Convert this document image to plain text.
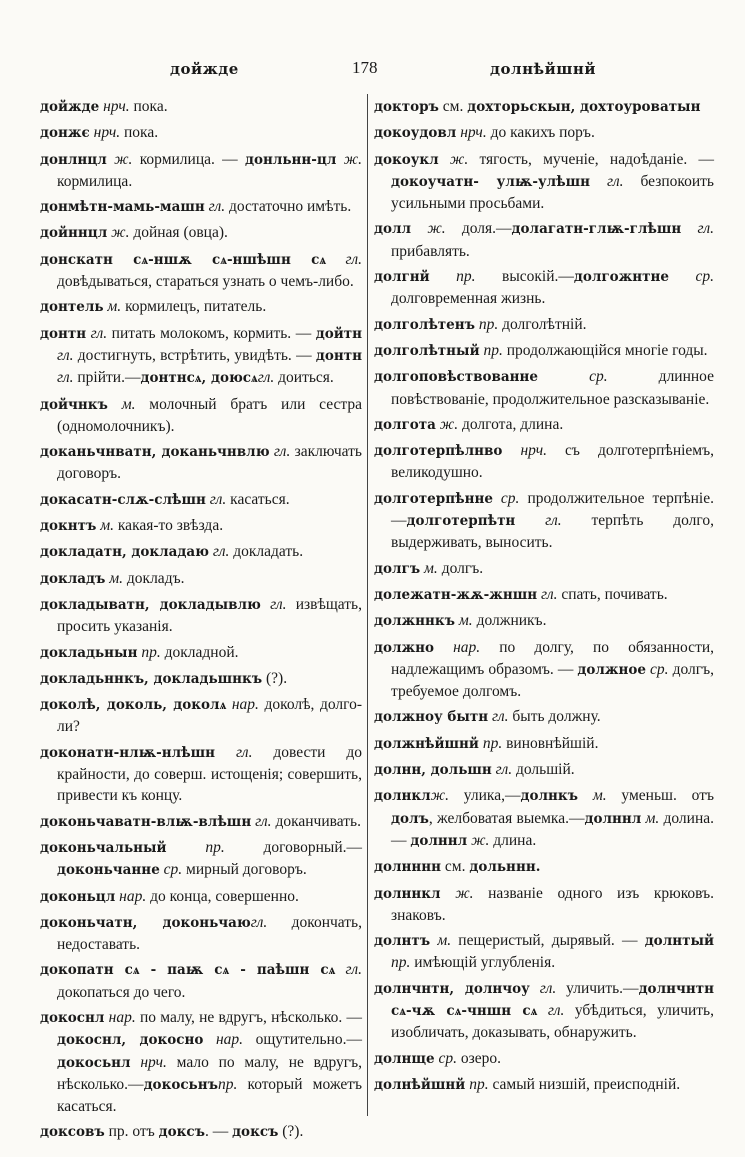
дойжде	178	долнѣйшнй

дойжде нрч. пока.

донжє нрч. пока.

донлнцл ж. кормилица. — донльнн-цл ж. кормилица.

донмѣтн-мамь-машн гл. достаточно имѣть.

дойннцл ж. дойная (овца).

донскатн сѧ-ншѫ сѧ-ншѣшн сѧ гл. довѣдываться, стараться узнать о чемъ-либо.

донтель м. кормилецъ, питатель.

донтн гл. питать молокомъ, кормить. — дойтн гл. достигнуть, встрѣтить, увидѣть. — донтн гл. прійти.—донтнсѧ, доюсѧгл. доиться.

дойчнкъ м. молочный братъ или сестра (одномолочникъ).

доканьчнватн, доканьчнвлю гл. заключать договоръ.

докасатн-слѫ-слѣшн гл. касаться.

докнтъ м. какая-то звѣзда.

докладатн, докладаю гл. докладать.

докладъ м. докладъ.

докладыватн, докладывлю гл. извѣщать, просить указанія.

докладьнын пр. докладной.

докладьннкъ, докладьшнкъ (?).

доколѣ, доколь, доколѧ нар. доколѣ, долго-ли?

доконатн-нлѭ-нлѣшн гл. довести до крайности, до соверш. истощенія; совершить, привести къ концу.

доконьчаватн-влѭ-влѣшн гл. доканчивать.

доконьчальный	пр. договорный.—доконьчанне ср. мирный договоръ.

доконьцл нар. до конца, совершенно.

доконьчатн, доконьчаюгл. докончать, недоставать.

докопатн сѧ - пaѭ сѧ - пaѣшн сѧ гл. докопаться до чего.

докоснл нар. по малу, не вдругъ, нѣсколько. — докоснл, докосно нар. ощутительно.— докосьнл нрч. мало по малу, не вдругъ, нѣсколько.—докосьнъпр. который можетъ касаться.

доксовъ пр. отъ доксъ. — доксъ (?).

докторъ см. дохторьскын, дохтоуроватын

докоудовл нрч. до какихъ поръ.

докоукл ж. тягость, мученіе, надоѣданіе. — докоучатн- улѭ-улѣшн гл. безпокоить усильными просьбами.

долл ж. доля.—долагатн-глѭ-глѣшн гл. прибавлять.

долгнй пр. высокій.—долгожнтне ср. долговременная жизнь.

долголѣтенъ пр. долголѣтній.

долголѣтный пр. продолжающійся многіе годы.

долгоповѣствованне	ср. длинное повѣствованіе, продолжительное разсказываніе.

долгота ж. долгота, длина.

долготерпѣлнво нрч. съ долготерпѣніемъ, великодушно.

долготерпѣнне ср. продолжительное терпѣніе.—долготерпѣтн гл. терпѣть долго, выдерживать, выносить.

долгъ м. долгъ.

долежатн-жѫ-жншн гл. спать, почивать.

должннкъ м. должникъ.

должно нар. по долгу, по обязанности, надлежащимъ образомъ. — должное ср. долгъ, требуемое долгомъ.

должноу бытн гл. быть должну.

должнѣйшнй пр. виновнѣйшій.

долнн, дольшн гл. дольшій.

долнклж. улика,—долнкъ м. уменьш. отъ долъ, желбоватая выемка.—долннл м. долина. — долннл ж. длина.

долнннн см. дольннн.

долннкл ж. названіе одного изъ крюковъ. знаковъ.

долнтъ м. пещеристый, дырявый. — долнтый пр. имѣющій углубленія.

долнчнтн, долнчоу гл. уличить.—долнчнтн сѧ-чѫ сѧ-чншн сѧ гл. убѣдиться, уличить, изобличать, доказывать, обнаружить.

долнще ср. озеро.

долнѣйшнй пр. самый низшій, преисподній.
